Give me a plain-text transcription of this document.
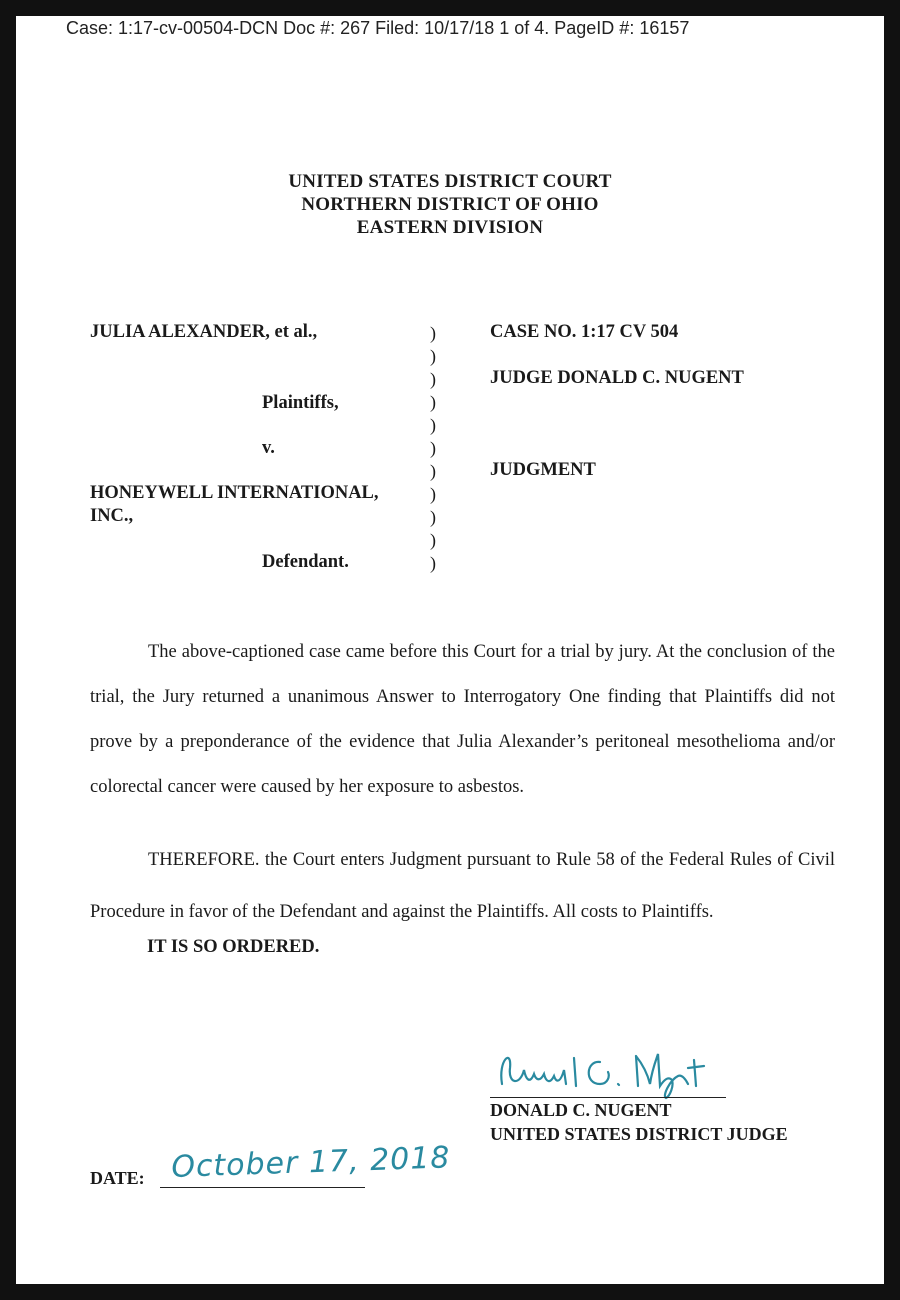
Case: 1:17-cv-00504-DCN Doc #: 267 Filed: 10/17/18 1 of 4. PageID #: 16157
UNITED STATES DISTRICT COURT
NORTHERN DISTRICT OF OHIO
EASTERN DIVISION
JULIA ALEXANDER, et al.,
Plaintiffs,
v.
HONEYWELL INTERNATIONAL,
INC.,
Defendant.
)
)
)
)
)
)
)
)
)
)
)
CASE NO. 1:17 CV 504
JUDGE DONALD C. NUGENT
JUDGMENT

The above-captioned case came before this Court for a trial by jury. At the conclusion of the trial, the Jury returned a unanimous Answer to Interrogatory One finding that Plaintiffs did not prove by a preponderance of the evidence that Julia Alexander’s peritoneal mesothelioma and/or colorectal cancer were caused by her exposure to asbestos.

THEREFORE. the Court enters Judgment pursuant to Rule 58 of the Federal Rules of Civil Procedure in favor of the Defendant and against the Plaintiffs. All costs to Plaintiffs.

IT IS SO ORDERED.
DONALD C. NUGENT
UNITED STATES DISTRICT JUDGE
DATE: October 17, 2018
